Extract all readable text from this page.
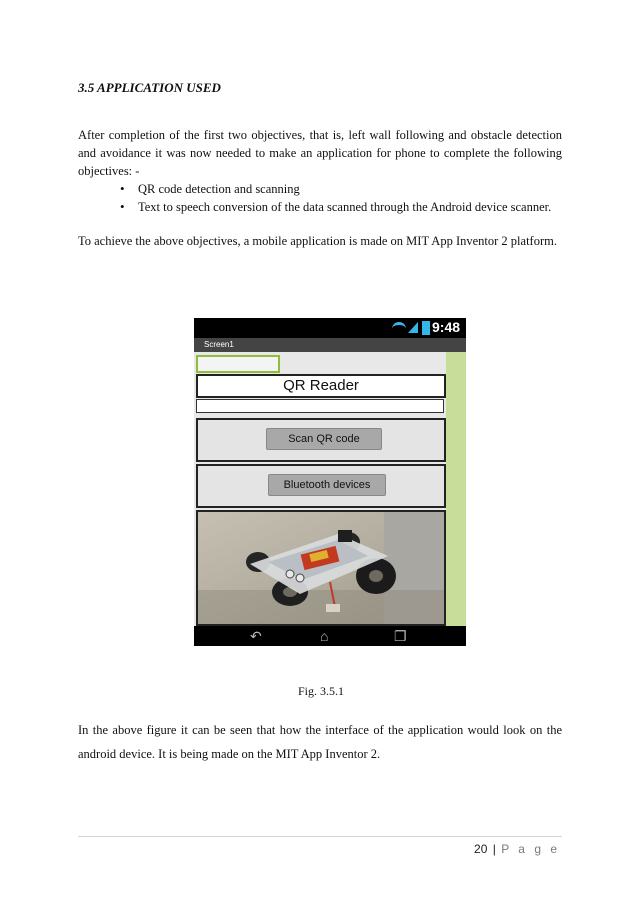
3.5 APPLICATION USED
After completion of the first two objectives, that is, left wall following and obstacle detection and avoidance it was now needed to make an application for phone to complete the following objectives: -
• QR code detection and scanning
• Text to speech conversion of the data scanned through the Android device scanner.
To achieve the above objectives, a mobile application is made on MIT App Inventor 2 platform.
9:48
Screen1
QR Reader
Scan QR code
Bluetooth devices
↶	⌂	❐
Fig. 3.5.1
In the above figure it can be seen that how the interface of the application would look on the android device. It is being made on the MIT App Inventor 2.
20 | P a g e
